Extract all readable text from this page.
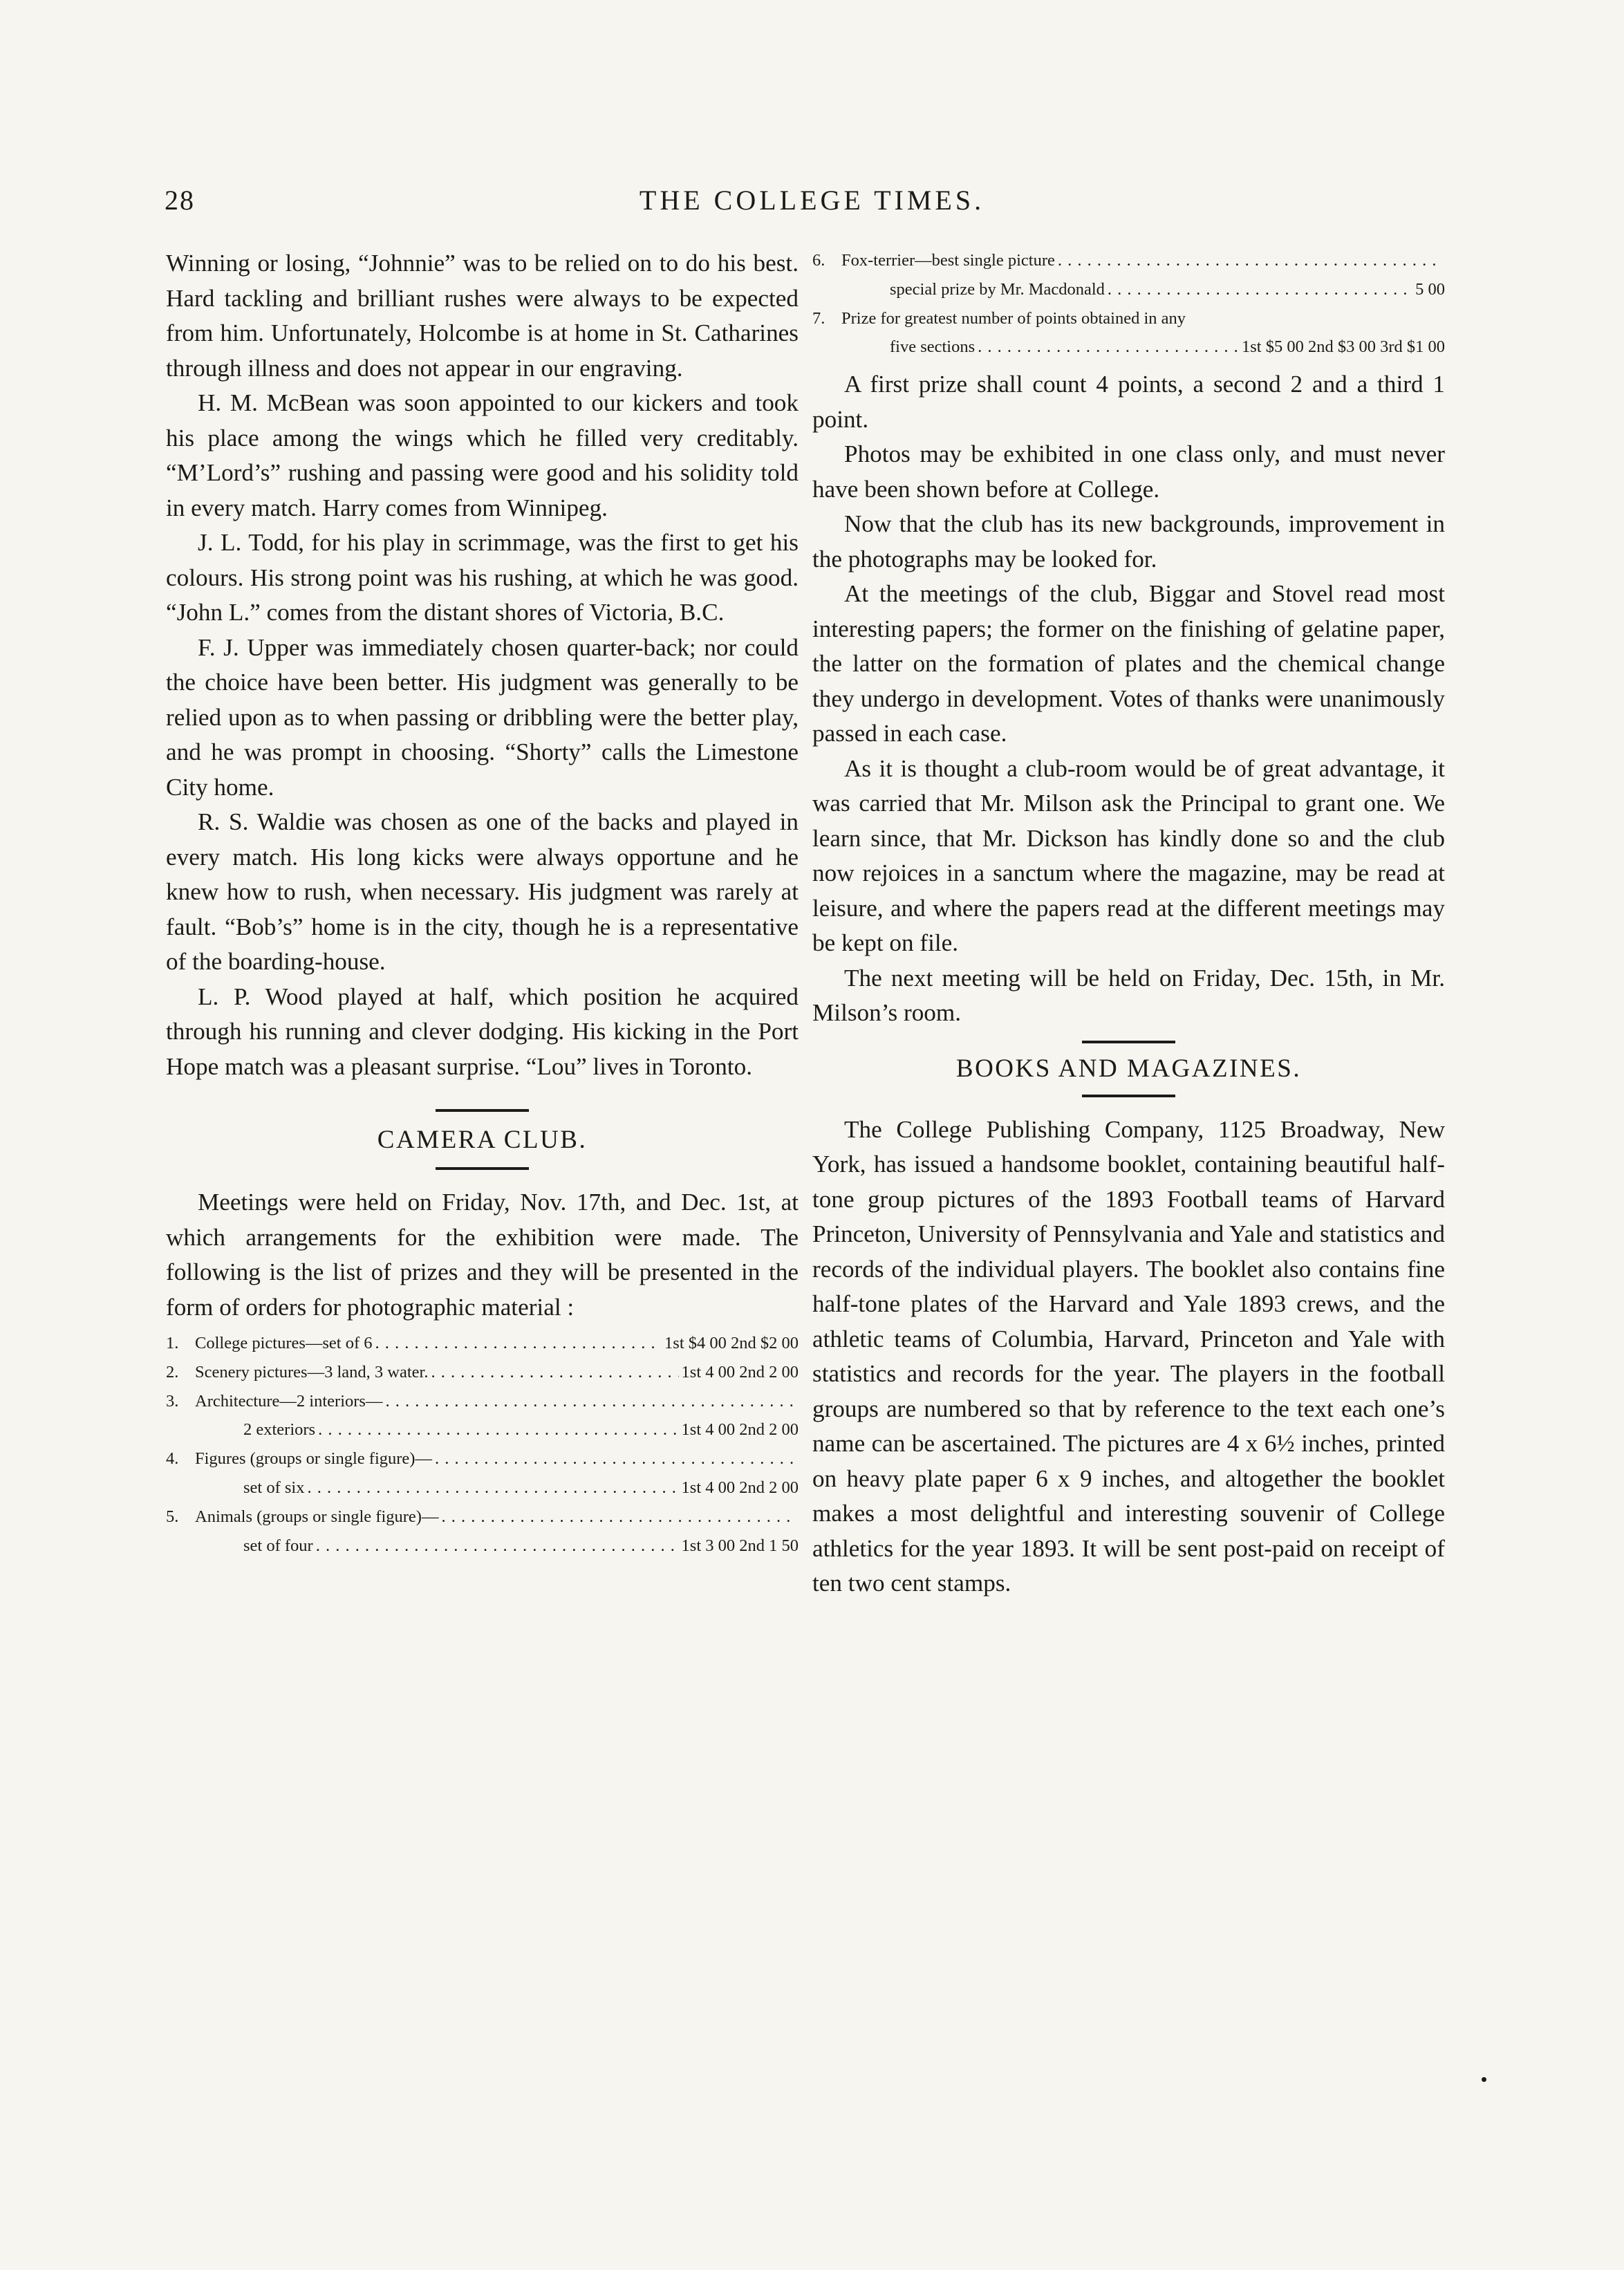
28	THE COLLEGE TIMES.

Winning or losing, “Johnnie” was to be relied on to do his best. Hard tackling and brilliant rushes were always to be expected from him. Unfortunately, Holcombe is at home in St. Catharines through illness and does not appear in our engraving.

H. M. McBean was soon appointed to our kickers and took his place among the wings which he filled very creditably. “M’Lord’s” rushing and passing were good and his solidity told in every match. Harry comes from Winnipeg.

J. L. Todd, for his play in scrimmage, was the first to get his colours. His strong point was his rushing, at which he was good. “John L.” comes from the distant shores of Victoria, B.C.

F. J. Upper was immediately chosen quarter-back; nor could the choice have been better. His judgment was generally to be relied upon as to when passing or dribbling were the better play, and he was prompt in choosing. “Shorty” calls the Limestone City home.

R. S. Waldie was chosen as one of the backs and played in every match. His long kicks were always opportune and he knew how to rush, when necessary. His judgment was rarely at fault. “Bob’s” home is in the city, though he is a representative of the boarding-house.

L. P. Wood played at half, which position he acquired through his running and clever dodging. His kicking in the Port Hope match was a pleasant surprise. “Lou” lives in Toronto.

CAMERA CLUB.

Meetings were held on Friday, Nov. 17th, and Dec. 1st, at which arrangements for the exhibition were made. The following is the list of prizes and they will be presented in the form of orders for photographic material :

1. College pictures—set of 6 . . .	1st $4 00 2nd $2 00
2. Scenery pictures—3 land, 3 water. . . .	1st 4 00 2nd 2 00
3. Architecture—2 interiors—
. . .
2 exteriors . . .	1st 4 00 2nd 2 00
4. Figures (groups or single figure)—
. . .
set of six . . .	1st 4 00 2nd 2 00
5. Animals (groups or single figure)—
. . .
set of four . . .	1st 3 00 2nd 1 50
6. Fox-terrier—best single picture
. . .
special prize by Mr. Macdonald . . .	5 00
7. Prize for greatest number of points obtained in any
five sections . . .	1st $5 00 2nd $3 00 3rd $1 00

A first prize shall count 4 points, a second 2 and a third 1 point.

Photos may be exhibited in one class only, and must never have been shown before at College.

Now that the club has its new backgrounds, improvement in the photographs may be looked for.

At the meetings of the club, Biggar and Stovel read most interesting papers; the former on the finishing of gelatine paper, the latter on the formation of plates and the chemical change they undergo in development. Votes of thanks were unanimously passed in each case.

As it is thought a club-room would be of great advantage, it was carried that Mr. Milson ask the Principal to grant one. We learn since, that Mr. Dickson has kindly done so and the club now rejoices in a sanctum where the magazine, may be read at leisure, and where the papers read at the different meetings may be kept on file.

The next meeting will be held on Friday, Dec. 15th, in Mr. Milson’s room.

BOOKS AND MAGAZINES.

The College Publishing Company, 1125 Broadway, New York, has issued a handsome booklet, containing beautiful half-tone group pictures of the 1893 Football teams of Harvard Princeton, University of Pennsylvania and Yale and statistics and records of the individual players. The booklet also contains fine half-tone plates of the Harvard and Yale 1893 crews, and the athletic teams of Columbia, Harvard, Princeton and Yale with statistics and records for the year. The players in the football groups are numbered so that by reference to the text each one’s name can be ascertained. The pictures are 4 x 6½ inches, printed on heavy plate paper 6 x 9 inches, and altogether the booklet makes a most delightful and interesting souvenir of College athletics for the year 1893. It will be sent post-paid on receipt of ten two cent stamps.
